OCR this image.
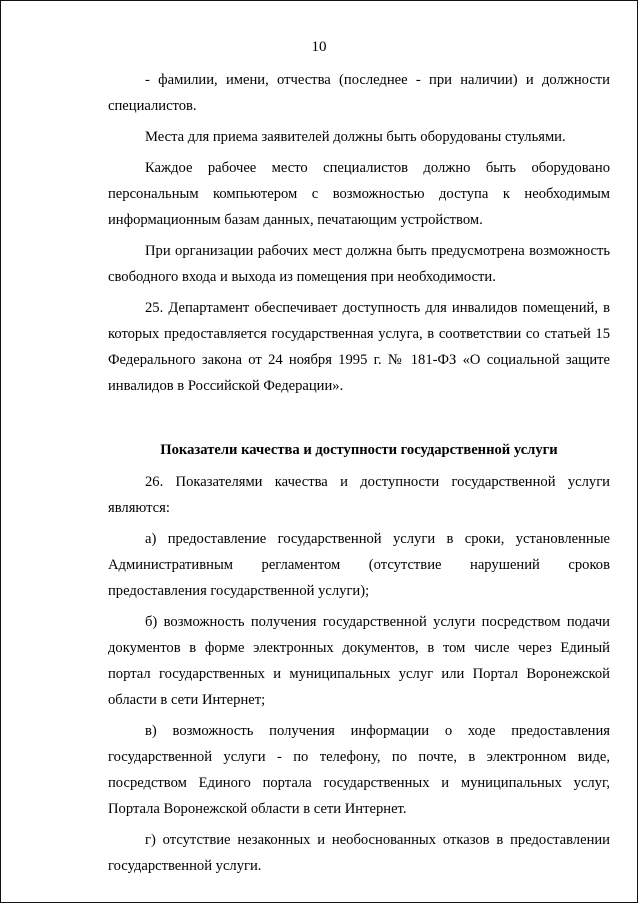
10

- фамилии, имени, отчества (последнее - при наличии) и должности специалистов.

Места для приема заявителей должны быть оборудованы стульями.

Каждое рабочее место специалистов должно быть оборудовано персональным компьютером с возможностью доступа к необходимым информационным базам данных, печатающим устройством.

При организации рабочих мест должна быть предусмотрена возможность свободного входа и выхода из помещения при необходимости.

25. Департамент обеспечивает доступность для инвалидов помещений, в которых предоставляется государственная услуга, в соответствии со статьей 15 Федерального закона от 24 ноября 1995 г. № 181-ФЗ «О социальной защите инвалидов в Российской Федерации».

Показатели качества и доступности государственной услуги

26. Показателями качества и доступности государственной услуги являются:

а) предоставление государственной услуги в сроки, установленные Административным регламентом (отсутствие нарушений сроков предоставления государственной услуги);

б) возможность получения государственной услуги посредством подачи документов в форме электронных документов, в том числе через Единый портал государственных и муниципальных услуг или Портал Воронежской области в сети Интернет;

в) возможность получения информации о ходе предоставления государственной услуги - по телефону, по почте, в электронном виде, посредством Единого портала государственных и муниципальных услуг, Портала Воронежской области в сети Интернет.

г) отсутствие незаконных и необоснованных отказов в предоставлении государственной услуги.
